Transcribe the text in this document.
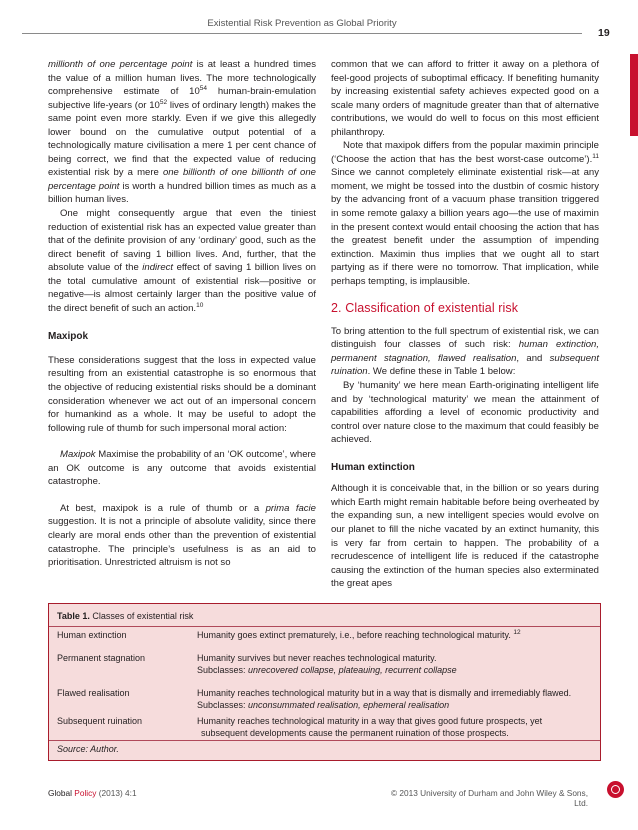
Existential Risk Prevention as Global Priority
19

millionth of one percentage point is at least a hundred times the value of a million human lives. The more technologically comprehensive estimate of $10^{54}$ human-brain-emulation subjective life-years (or $10^{52}$ lives of ordinary length) makes the same point even more starkly. Even if we give this allegedly lower bound on the cumulative output potential of a technologically mature civilisation a mere 1 per cent chance of being correct, we find that the expected value of reducing existential risk by a mere one billionth of one billionth of one percentage point is worth a hundred billion times as much as a billion human lives.

One might consequently argue that even the tiniest reduction of existential risk has an expected value greater than that of the definite provision of any ‘ordinary’ good, such as the direct benefit of saving 1 billion lives. And, further, that the absolute value of the indirect effect of saving 1 billion lives on the total cumulative amount of existential risk—positive or negative—is almost certainly larger than the positive value of the direct benefit of such an action.$^{10}$

Maxipok

These considerations suggest that the loss in expected value resulting from an existential catastrophe is so enormous that the objective of reducing existential risks should be a dominant consideration whenever we act out of an impersonal concern for humankind as a whole. It may be useful to adopt the following rule of thumb for such impersonal moral action:

Maxipok Maximise the probability of an ‘OK outcome’, where an OK outcome is any outcome that avoids existential catastrophe.

At best, maxipok is a rule of thumb or a prima facie suggestion. It is not a principle of absolute validity, since there clearly are moral ends other than the prevention of existential catastrophe. The principle’s usefulness is as an aid to prioritisation. Unrestricted altruism is not so

common that we can afford to fritter it away on a plethora of feel-good projects of suboptimal efficacy. If benefiting humanity by increasing existential safety achieves expected good on a scale many orders of magnitude greater than that of alternative contributions, we would do well to focus on this most efficient philanthropy.

Note that maxipok differs from the popular maximin principle (‘Choose the action that has the best worst-case outcome’).$^{11}$ Since we cannot completely eliminate existential risk—at any moment, we might be tossed into the dustbin of cosmic history by the advancing front of a vacuum phase transition triggered in some remote galaxy a billion years ago—the use of maximin in the present context would entail choosing the action that has the greatest benefit under the assumption of impending extinction. Maximin thus implies that we ought all to start partying as if there were no tomorrow. That implication, while perhaps tempting, is implausible.

2. Classification of existential risk

To bring attention to the full spectrum of existential risk, we can distinguish four classes of such risk: human extinction, permanent stagnation, flawed realisation, and subsequent ruination. We define these in Table 1 below:

By ‘humanity’ we here mean Earth-originating intelligent life and by ‘technological maturity’ we mean the attainment of capabilities affording a level of economic productivity and control over nature close to the maximum that could feasibly be achieved.

Human extinction

Although it is conceivable that, in the billion or so years during which Earth might remain habitable before being overheated by the expanding sun, a new intelligent species would evolve on our planet to fill the niche vacated by an extinct humanity, this is very far from certain to happen. The probability of a recrudescence of intelligent life is reduced if the catastrophe causing the extinction of the human species also exterminated the great apes

Table 1. Classes of existential risk
Human extinction	Humanity goes extinct prematurely, i.e., before reaching technological maturity. $^{12}$
Permanent stagnation	Humanity survives but never reaches technological maturity.
Subclasses: unrecovered collapse, plateauing, recurrent collapse
Flawed realisation	Humanity reaches technological maturity but in a way that is dismally and irremediably flawed.
Subclasses: unconsummated realisation, ephemeral realisation
Subsequent ruination	Humanity reaches technological maturity in a way that gives good future prospects, yet
subsequent developments cause the permanent ruination of those prospects.
Source: Author.
Global Policy (2013) 4:1	© 2013 University of Durham and John Wiley & Sons, Ltd.
